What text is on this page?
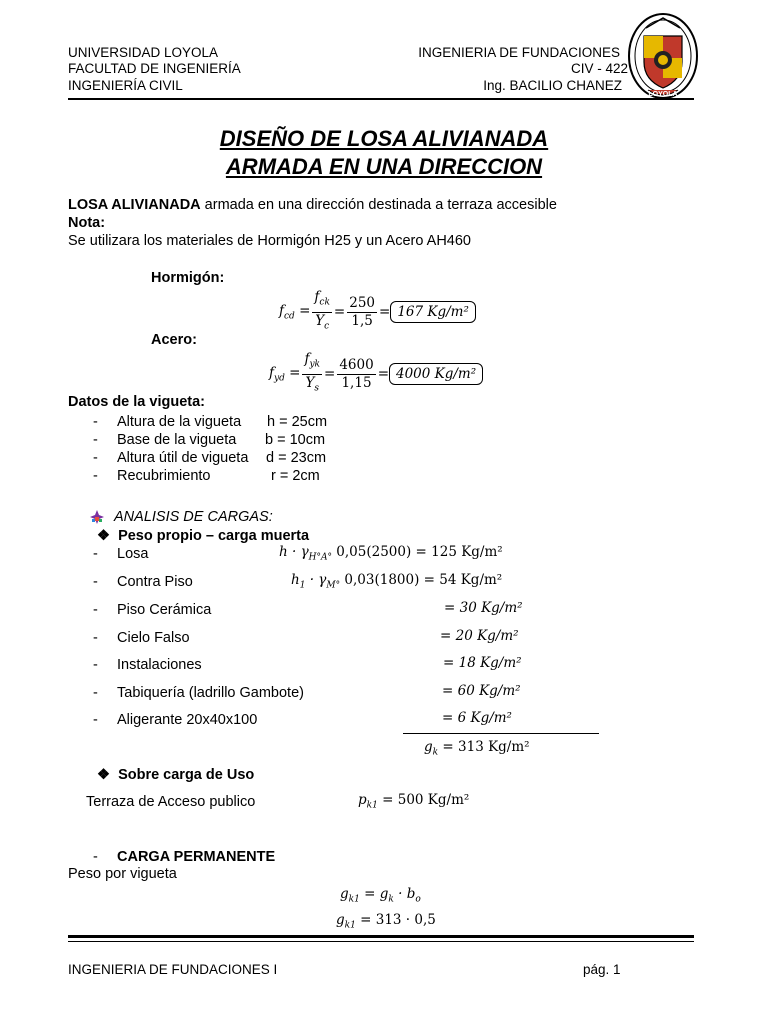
UNIVERSIDAD LOYOLA
FACULTAD DE INGENIERÍA
INGENIERÍA CIVIL
INGENIERIA DE FUNDACIONES
CIV - 422
Ing. BACILIO CHANEZ
LOYOLA
DISEÑO DE LOSA ALIVIANADA
ARMADA EN UNA DIRECCION
LOSA ALIVIANADA armada en una dirección destinada a terraza accesible
Nota:
Se utilizara los materiales de Hormigón H25 y un Acero AH460
Hormigón:
$f_{cd} = \frac{f_{ck}}{\Upsilon_c} = \frac{250}{1,5} = 167$ Kg/m²
Acero:
$f_{yd} = \frac{f_{yk}}{\Upsilon_s} = \frac{4600}{1,15} = 4000$ Kg/m²
Datos de la vigueta:
- Altura de la vigueta h = 25cm
- Base de la vigueta b = 10cm
- Altura útil de vigueta d = 23cm
- Recubrimiento	r = 2cm
ANALISIS DE CARGAS:
❖ Peso propio – carga muerta
- Losa	$h \cdot \gamma_{H^\circ A^\circ}$ 0,05(2500) = 125 Kg/m²
- Contra Piso	$h_1 \cdot \gamma_{M^\circ}$ 0,03(1800) = 54 Kg/m²
- Piso Cerámica	= 30 Kg/m²
- Cielo Falso	= 20 Kg/m²
- Instalaciones	= 18 Kg/m²
- Tabiquería (ladrillo Gambote)	= 60 Kg/m²
- Aligerante 20x40x100	= 6 Kg/m²
$g_k = 313$ Kg/m²
❖ Sobre carga de Uso
Terraza de Acceso publico	$p_{k1} = 500$ Kg/m²
- CARGA PERMANENTE
Peso por vigueta
$g_{k1} = g_k \cdot b_o$
$g_{k1} = 313 \cdot 0,5$
INGENIERIA DE FUNDACIONES I	pág. 1
